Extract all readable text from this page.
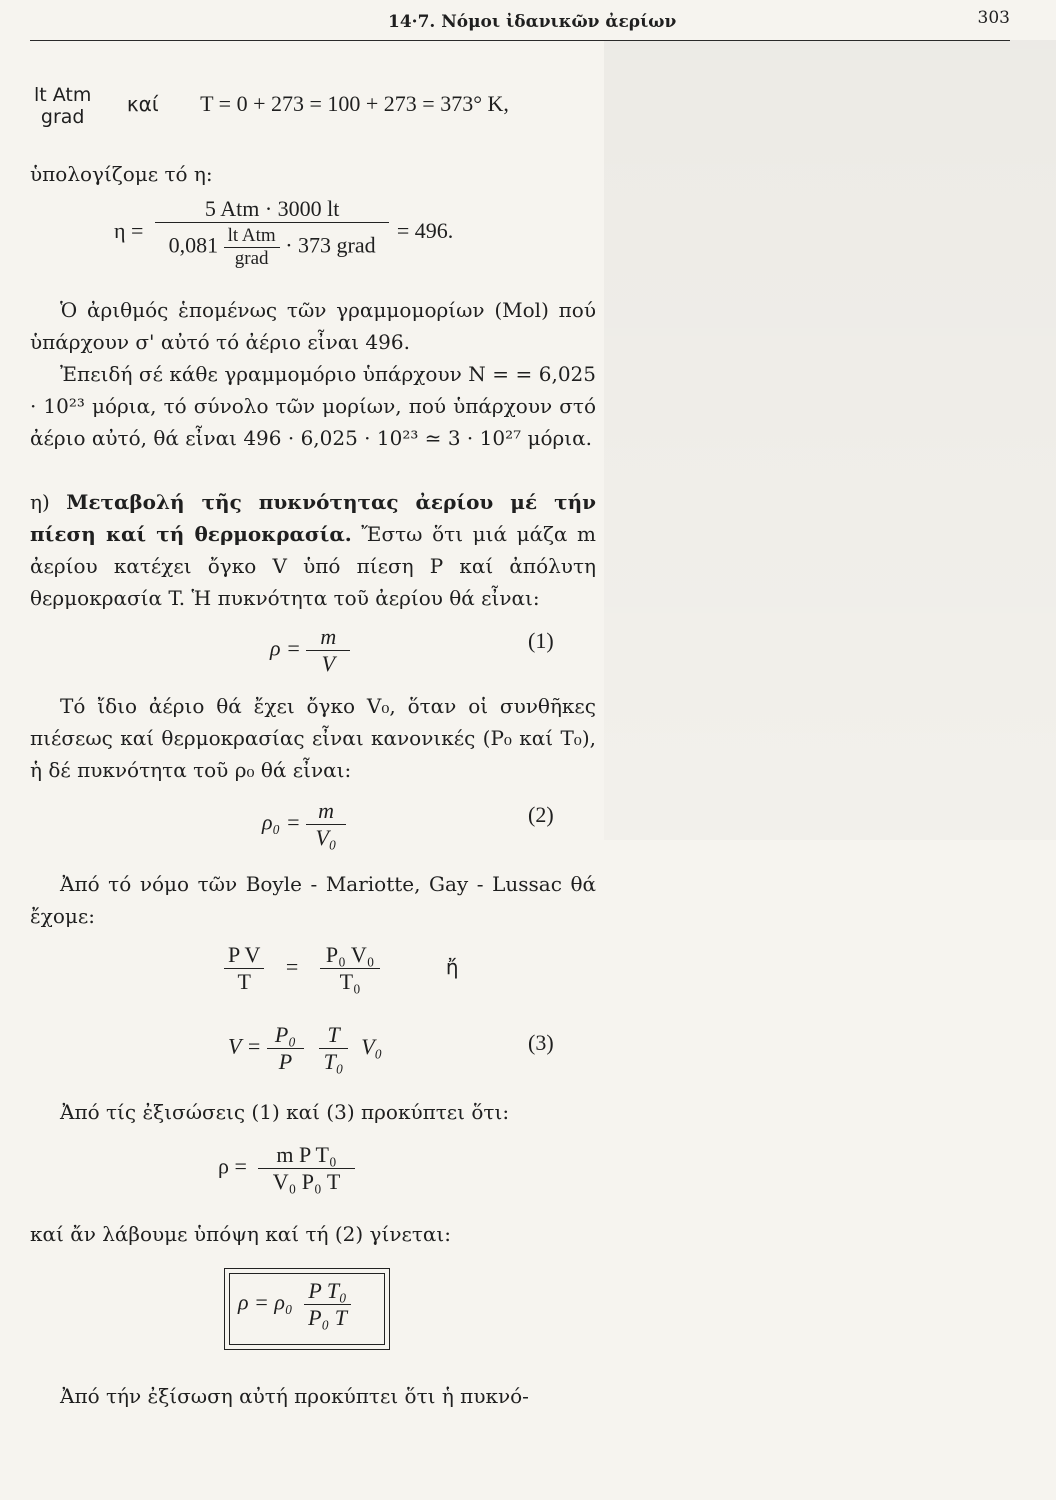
14·7. Νόμοι ἰδανικῶν ἀερίων	303
lt Atm
grad
καί T = 0 + 273 = 100 + 273 = 373° K,
ὑπολογίζομε τό η:
η =
5 Atm · 3000 lt
$0,081 \frac{\text{lt Atm}}{\text{grad}} \cdot 373$ grad
= 496.
Ὁ ἀριθμός ἑπομένως τῶν γραμμομορίων (Mol) πού ὑπάρχουν σ' αὐτό τό ἀέριο εἶναι 496.
Ἐπειδή σέ κάθε γραμμομόριο ὑπάρχουν N = = 6,025 · 10²³ μόρια, τό σύνολο τῶν μορίων, πού ὑπάρχουν στό ἀέριο αὐτό, θά εἶναι 496 · 6,025 · 10²³ ≃ 3 · 10²⁷ μόρια.
η) Μεταβολή τῆς πυκνότητας ἀερίου μέ τήν πίεση καί τή θερμοκρασία. Ἔστω ὅτι μιά μάζα m ἀερίου κατέχει ὄγκο V ὑπό πίεση P καί ἀπόλυτη θερμοκρασία T. Ἡ πυκνότητα τοῦ ἀερίου θά εἶναι:
$\rho = \frac{m}{V}$	(1)
Τό ἴδιο ἀέριο θά ἔχει ὄγκο V₀, ὅταν οἱ συνθῆκες πιέσεως καί θερμοκρασίας εἶναι κανονικές (P₀ καί T₀), ἡ δέ πυκνότητα τοῦ ρ₀ θά εἶναι:
$\rho_0 = \frac{m}{\text{V₀}}$	(2)
Ἀπό τό νόμο τῶν Boyle - Mariotte, Gay - Lussac θά ἔχομε:
$\frac{\text{P V}}{T} = \frac{\text{P₀ V₀}}{\text{T₀}}$	ἤ
$V = \frac{\text{P₀}}{P}$
$\frac{T}{\text{T₀}} V_0$	(3)
Ἀπό τίς ἐξισώσεις (1) καί (3) προκύπτει ὅτι:
$\rho = \frac{\text{m P T₀}}{\text{V₀ P₀ T}}$
καί ἄν λάβουμε ὑπόψη καί τή (2) γίνεται:
$\rho = \rho_0 \frac{\text{P T₀}}{\text{P₀ T}}$
Ἀπό τήν ἐξίσωση αὐτή προκύπτει ὅτι ἡ πυκνό-
